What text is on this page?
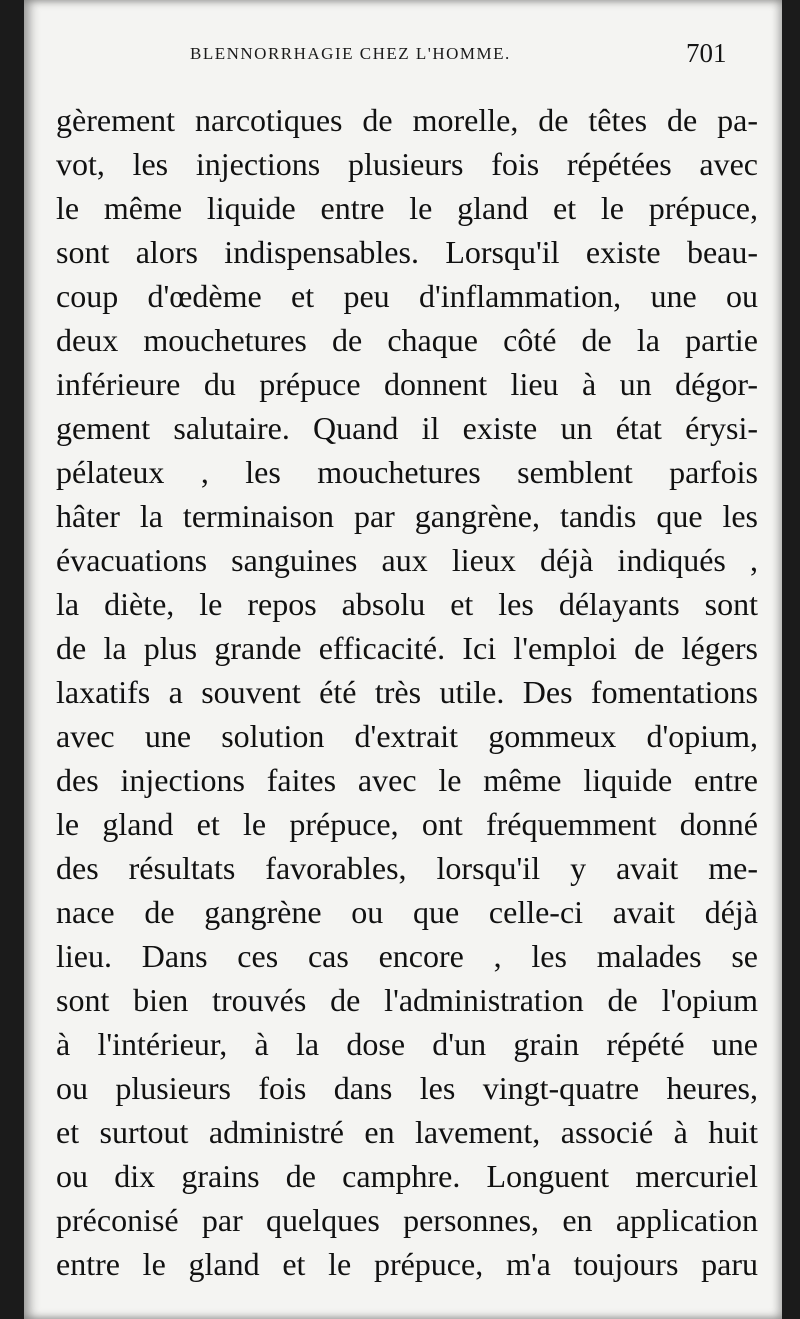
BLENNORRHAGIE CHEZ L'HOMME.	701
gèrement narcotiques de morelle, de têtes de pa-
vot, les injections plusieurs fois répétées avec
le même liquide entre le gland et le prépuce,
sont alors indispensables. Lorsqu'il existe beau-
coup d'œdème et peu d'inflammation, une ou
deux mouchetures de chaque côté de la partie
inférieure du prépuce donnent lieu à un dégor-
gement salutaire. Quand il existe un état érysi-
pélateux , les mouchetures semblent parfois
hâter la terminaison par gangrène, tandis que les
évacuations sanguines aux lieux déjà indiqués ,
la diète, le repos absolu et les délayants sont
de la plus grande efficacité. Ici l'emploi de légers
laxatifs a souvent été très utile. Des fomentations
avec une solution d'extrait gommeux d'opium,
des injections faites avec le même liquide entre
le gland et le prépuce, ont fréquemment donné
des résultats favorables, lorsqu'il y avait me-
nace de gangrène ou que celle-ci avait déjà
lieu. Dans ces cas encore , les malades se
sont bien trouvés de l'administration de l'opium
à l'intérieur, à la dose d'un grain répété une
ou plusieurs fois dans les vingt-quatre heures,
et surtout administré en lavement, associé à huit
ou dix grains de camphre. Longuent mercuriel
préconisé par quelques personnes, en application
entre le gland et le prépuce, m'a toujours paru
